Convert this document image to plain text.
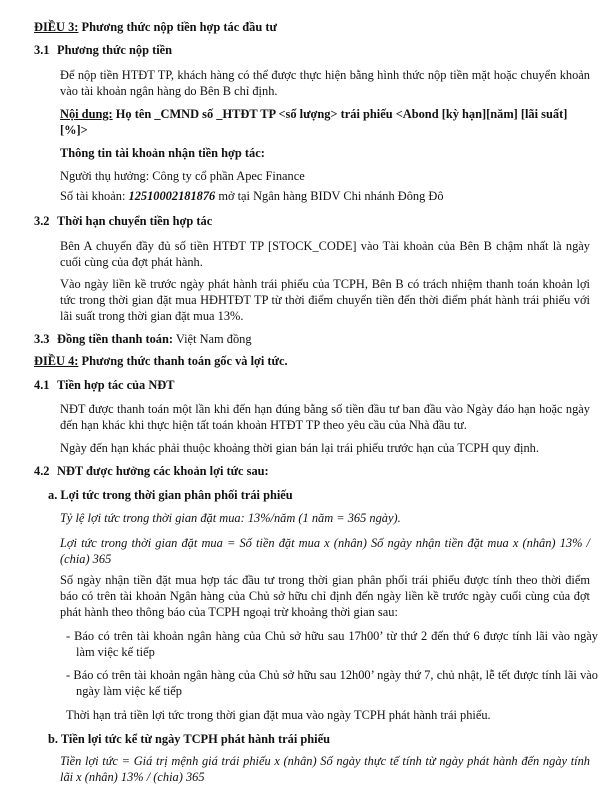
ĐIỀU 3: Phương thức nộp tiền hợp tác đầu tư
3.1 Phương thức nộp tiền
Để nộp tiền HTĐT TP, khách hàng có thể được thực hiện bằng hình thức nộp tiền mặt hoặc chuyển khoản vào tài khoản ngân hàng do Bên B chỉ định.
Nội dung: Họ tên _CMND số _HTĐT TP <số lượng> trái phiếu <Abond [kỳ hạn][năm] [lãi suất][%]>
Thông tin tài khoản nhận tiền hợp tác:
Người thụ hưởng: Công ty cổ phần Apec Finance
Số tài khoản: 12510002181876 mở tại Ngân hàng BIDV Chi nhánh Đông Đô
3.2 Thời hạn chuyển tiền hợp tác
Bên A chuyển đầy đủ số tiền HTĐT TP [STOCK_CODE] vào Tài khoản của Bên B chậm nhất là ngày cuối cùng của đợt phát hành.
Vào ngày liền kề trước ngày phát hành trái phiếu của TCPH, Bên B có trách nhiệm thanh toán khoản lợi tức trong thời gian đặt mua HĐHTĐT TP từ thời điểm chuyển tiền đến thời điểm phát hành trái phiếu với lãi suất trong thời gian đặt mua 13%.
3.3 Đồng tiền thanh toán: Việt Nam đồng
ĐIỀU 4: Phương thức thanh toán gốc và lợi tức.
4.1 Tiền hợp tác của NĐT
NĐT được thanh toán một lần khi đến hạn đúng bằng số tiền đầu tư ban đầu vào Ngày đáo hạn hoặc ngày đến hạn khác khi thực hiện tất toán khoản HTĐT TP theo yêu cầu của Nhà đầu tư.
Ngày đến hạn khác phải thuộc khoảng thời gian bán lại trái phiếu trước hạn của TCPH quy định.
4.2 NĐT được hưởng các khoản lợi tức sau:
a. Lợi tức trong thời gian phân phối trái phiếu
Tỷ lệ lợi tức trong thời gian đặt mua: 13%/năm (1 năm = 365 ngày).
Lợi tức trong thời gian đặt mua = Số tiền đặt mua x (nhân) Số ngày nhận tiền đặt mua x (nhân) 13% / (chia) 365
Số ngày nhận tiền đặt mua hợp tác đầu tư trong thời gian phân phối trái phiếu được tính theo thời điểm báo có trên tài khoản Ngân hàng của Chủ sở hữu chỉ định đến ngày liền kề trước ngày cuối cùng của đợt phát hành theo thông báo của TCPH ngoại trừ khoảng thời gian sau:
- Báo có trên tài khoản ngân hàng của Chủ sở hữu sau 17h00’ từ thứ 2 đến thứ 6 được tính lãi vào ngày làm việc kế tiếp
- Báo có trên tài khoản ngân hàng của Chủ sở hữu sau 12h00’ ngày thứ 7, chủ nhật, lễ tết được tính lãi vào ngày làm việc kế tiếp
Thời hạn trả tiền lợi tức trong thời gian đặt mua vào ngày TCPH phát hành trái phiếu.
b. Tiền lợi tức kể từ ngày TCPH phát hành trái phiếu
Tiền lợi tức = Giá trị mệnh giá trái phiếu x (nhân) Số ngày thực tế tính từ ngày phát hành đến ngày tính lãi x (nhân) 13% / (chia) 365
